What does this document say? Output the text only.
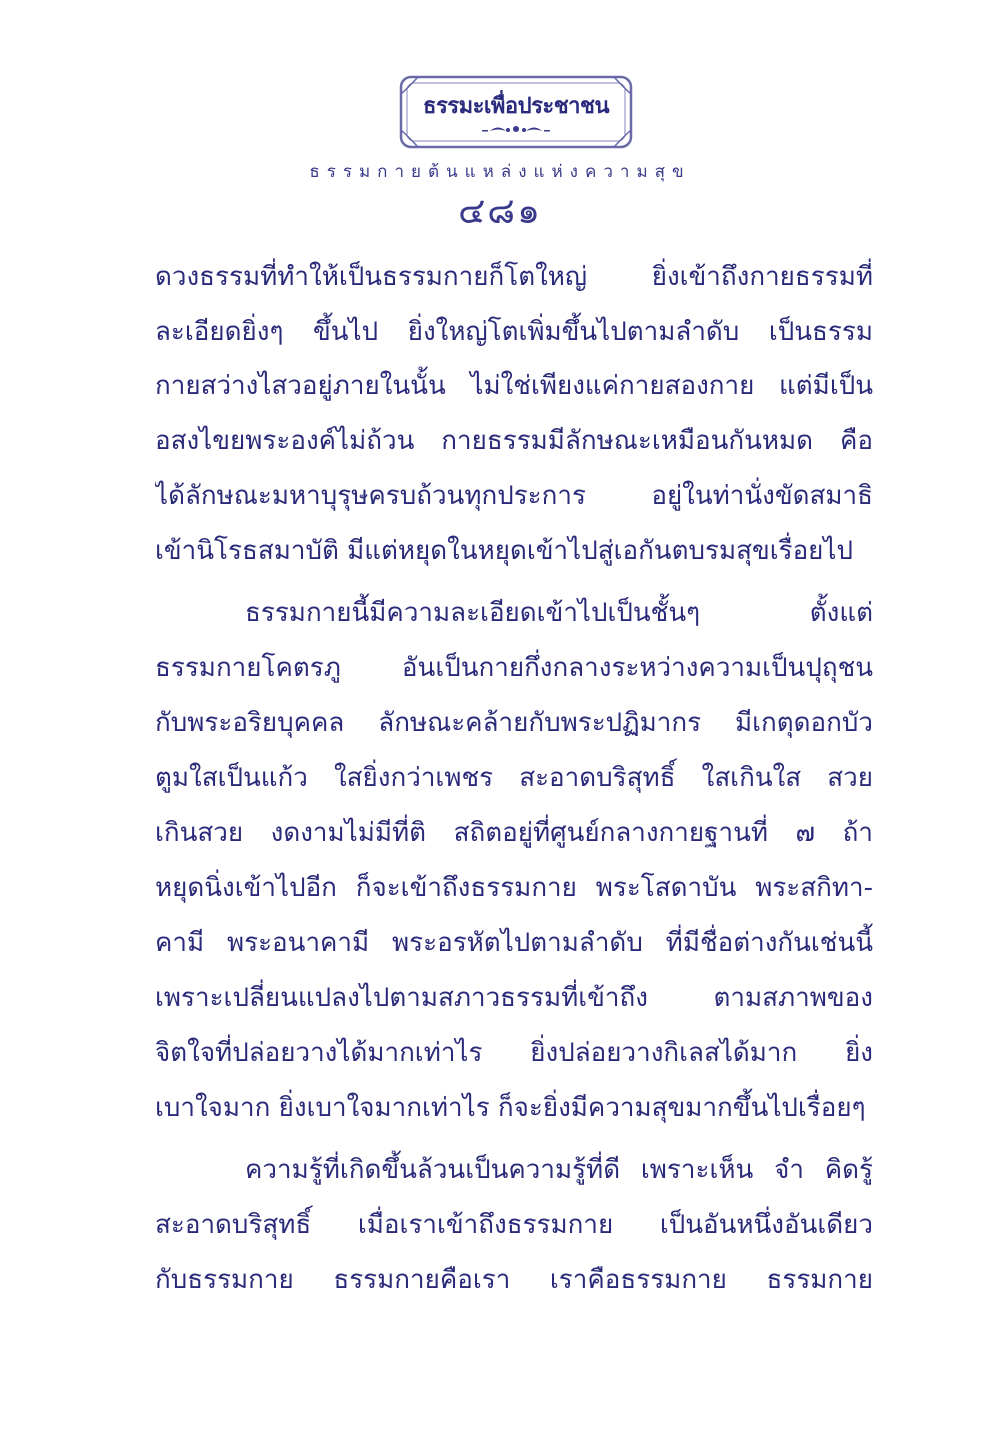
ธรรมะเพื่อประชาชน
ธรรมกายต้นแหล่งแห่งความสุข
๔๘๑
ดวงธรรมที่ทำให้เป็นธรรมกายก็โตใหญ่ ยิ่งเข้าถึงกายธรรมที่
ละเอียดยิ่งๆ ขึ้นไป ยิ่งใหญ่โตเพิ่มขึ้นไปตามลำดับ เป็นธรรม
กายสว่างไสวอยู่ภายในนั้น ไม่ใช่เพียงแค่กายสองกาย แต่มีเป็น
อสงไขยพระองค์ไม่ถ้วน กายธรรมมีลักษณะเหมือนกันหมด คือ
ได้ลักษณะมหาบุรุษครบถ้วนทุกประการ อยู่ในท่านั่งขัดสมาธิ
เข้านิโรธสมาบัติ มีแต่หยุดในหยุดเข้าไปสู่เอกันตบรมสุขเรื่อยไป
ธรรมกายนี้มีความละเอียดเข้าไปเป็นชั้นๆ ตั้งแต่
ธรรมกายโคตรภู อันเป็นกายกึ่งกลางระหว่างความเป็นปุถุชน
กับพระอริยบุคคล ลักษณะคล้ายกับพระปฏิมากร มีเกตุดอกบัว
ตูมใสเป็นแก้ว ใสยิ่งกว่าเพชร สะอาดบริสุทธิ์ ใสเกินใส สวย
เกินสวย งดงามไม่มีที่ติ สถิตอยู่ที่ศูนย์กลางกายฐานที่ ๗ ถ้า
หยุดนิ่งเข้าไปอีก ก็จะเข้าถึงธรรมกาย พระโสดาบัน พระสกิทา-
คามี พระอนาคามี พระอรหัตไปตามลำดับ ที่มีชื่อต่างกันเช่นนี้
เพราะเปลี่ยนแปลงไปตามสภาวธรรมที่เข้าถึง ตามสภาพของ
จิตใจที่ปล่อยวางได้มากเท่าไร ยิ่งปล่อยวางกิเลสได้มาก ยิ่ง
เบาใจมาก ยิ่งเบาใจมากเท่าไร ก็จะยิ่งมีความสุขมากขึ้นไปเรื่อยๆ
ความรู้ที่เกิดขึ้นล้วนเป็นความรู้ที่ดี เพราะเห็น จำ คิดรู้
สะอาดบริสุทธิ์ เมื่อเราเข้าถึงธรรมกาย เป็นอันหนึ่งอันเดียว
กับธรรมกาย ธรรมกายคือเรา เราคือธรรมกาย ธรรมกาย
